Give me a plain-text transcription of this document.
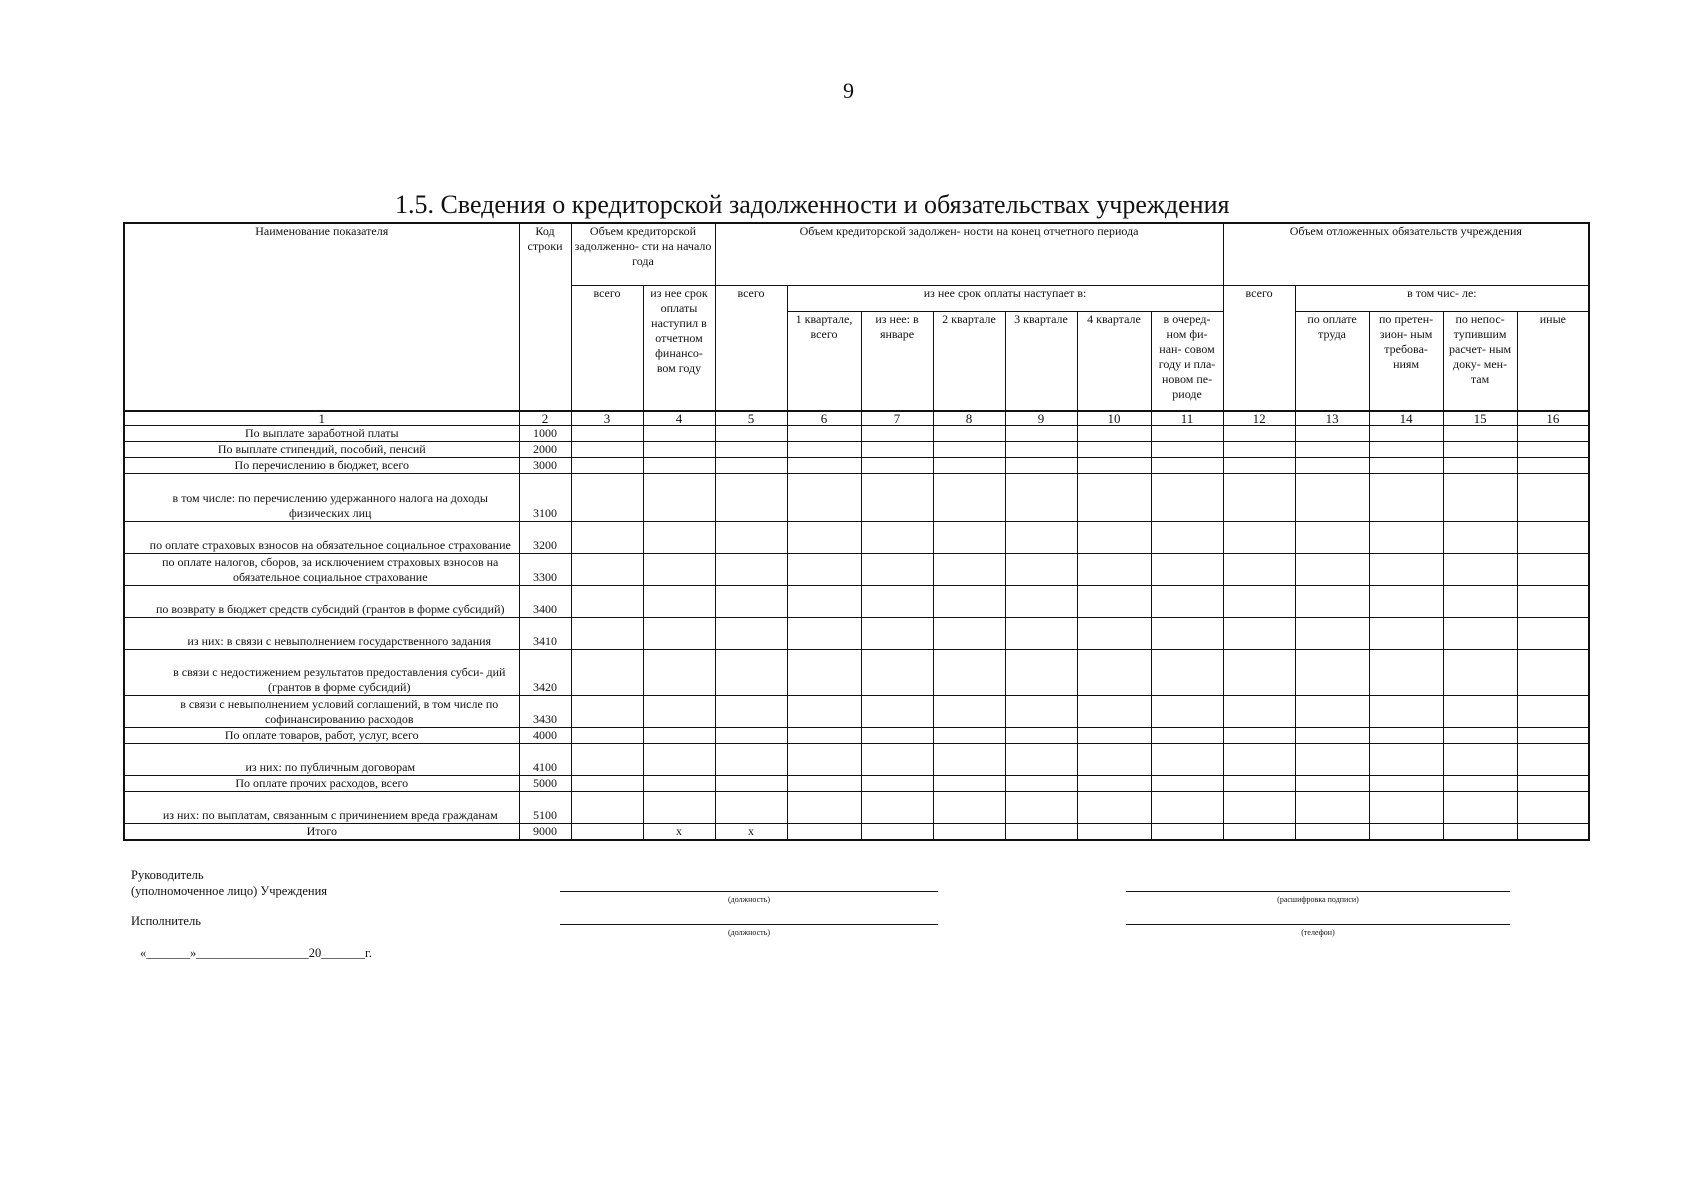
9
1.5. Сведения о кредиторской задолженности и обязательствах учреждения
Наименование показателя	Код строки	Объем кредиторской задолженно- сти на начало года		Объем кредиторской задолжен- ности на конец отчетного периода							Объем отложенных обязательств учреждения				
		всего	из нее срок оплаты наступил в отчетном финансо- вом году	всего	из нее срок оплаты наступает в:						всего	в том чис- ле:			
					1 квартале, всего	из нее: в январе	2 квартале	3 квартале	4 квартале	в очеред- ном фи- нан- совом году и пла- новом пе- риоде		по оплате труда	по претен- зион- ным требова- ниям	по непос- тупившим расчет- ным доку- мен- там	иные
1	2	3	4	5	6	7	8	9	10	11	12	13	14	15	16
По выплате заработной платы	1000														
По выплате стипендий, пособий, пенсий	2000														
По перечислению в бюджет, всего	3000														
в том числе: по перечислению удержанного налога на доходы физических лиц	3100														
по оплате страховых взносов на обязательное социальное страхование	3200														
по оплате налогов, сборов, за исключением страховых взносов на обязательное социальное страхование	3300														
по возврату в бюджет средств субсидий (грантов в форме субсидий)	3400														
из них: в связи с невыполнением государственного задания	3410														
в связи с недостижением результатов предоставления субси- дий (грантов в форме субсидий)	3420														
в связи с невыполнением условий соглашений, в том числе по софинансированию расходов	3430														
По оплате товаров, работ, услуг, всего	4000														
из них: по публичным договорам	4100														
По оплате прочих расходов, всего	5000														
из них: по выплатам, связанным с причинением вреда гражданам	5100														
Итого	9000		x	x											
Руководитель
(уполномоченное лицо) Учреждения
(должность)	(расшифровка подписи)
Исполнитель
(должность)	(телефон)
«_______»__________________20_______г.
